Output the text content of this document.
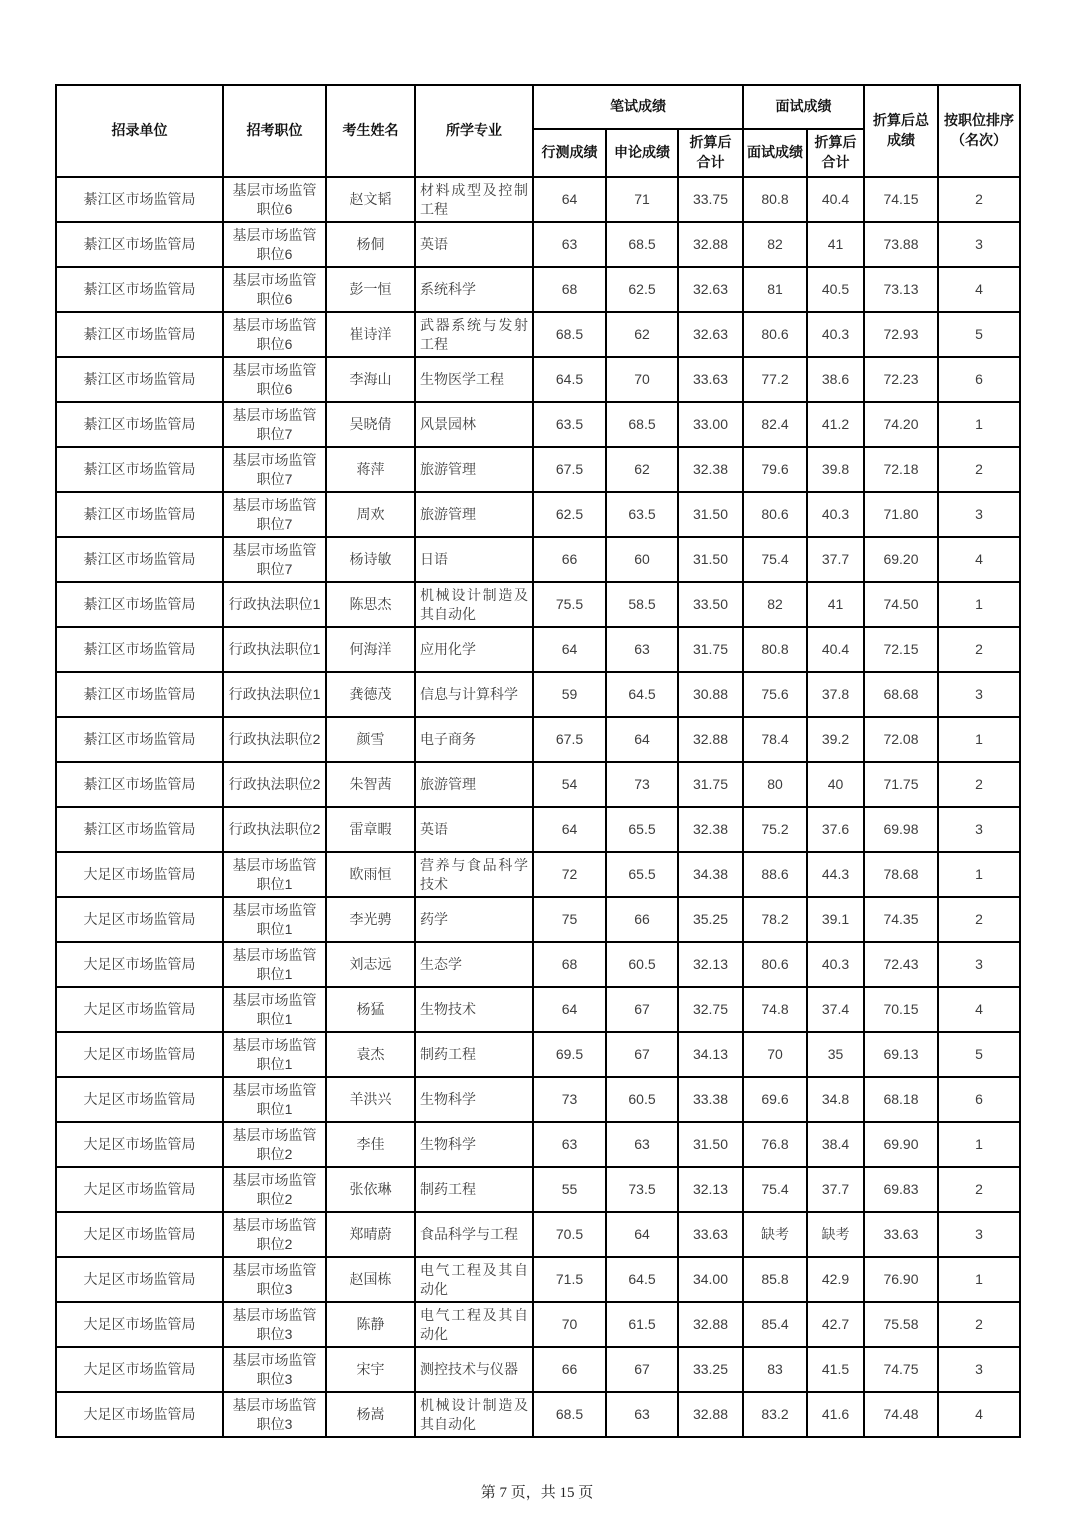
招录单位	招考职位	考生姓名	所学专业	笔试成绩			面试成绩		折算后总成绩	按职位排序（名次）
				行测成绩	申论成绩	折算后合计	面试成绩	折算后合计		
綦江区市场监管局	基层市场监管职位6	赵文韬	材料成型及控制工程	64	71	33.75	80.8	40.4	74.15	2
綦江区市场监管局	基层市场监管职位6	杨侗	英语	63	68.5	32.88	82	41	73.88	3
綦江区市场监管局	基层市场监管职位6	彭一恒	系统科学	68	62.5	32.63	81	40.5	73.13	4
綦江区市场监管局	基层市场监管职位6	崔诗洋	武器系统与发射工程	68.5	62	32.63	80.6	40.3	72.93	5
綦江区市场监管局	基层市场监管职位6	李海山	生物医学工程	64.5	70	33.63	77.2	38.6	72.23	6
綦江区市场监管局	基层市场监管职位7	吴晓倩	风景园林	63.5	68.5	33.00	82.4	41.2	74.20	1
綦江区市场监管局	基层市场监管职位7	蒋萍	旅游管理	67.5	62	32.38	79.6	39.8	72.18	2
綦江区市场监管局	基层市场监管职位7	周欢	旅游管理	62.5	63.5	31.50	80.6	40.3	71.80	3
綦江区市场监管局	基层市场监管职位7	杨诗敏	日语	66	60	31.50	75.4	37.7	69.20	4
綦江区市场监管局	行政执法职位1	陈思杰	机械设计制造及其自动化	75.5	58.5	33.50	82	41	74.50	1
綦江区市场监管局	行政执法职位1	何海洋	应用化学	64	63	31.75	80.8	40.4	72.15	2
綦江区市场监管局	行政执法职位1	龚德茂	信息与计算科学	59	64.5	30.88	75.6	37.8	68.68	3
綦江区市场监管局	行政执法职位2	颜雪	电子商务	67.5	64	32.88	78.4	39.2	72.08	1
綦江区市场监管局	行政执法职位2	朱智茜	旅游管理	54	73	31.75	80	40	71.75	2
綦江区市场监管局	行政执法职位2	雷章暇	英语	64	65.5	32.38	75.2	37.6	69.98	3
大足区市场监管局	基层市场监管职位1	欧雨恒	营养与食品科学技术	72	65.5	34.38	88.6	44.3	78.68	1
大足区市场监管局	基层市场监管职位1	李光骋	药学	75	66	35.25	78.2	39.1	74.35	2
大足区市场监管局	基层市场监管职位1	刘志远	生态学	68	60.5	32.13	80.6	40.3	72.43	3
大足区市场监管局	基层市场监管职位1	杨猛	生物技术	64	67	32.75	74.8	37.4	70.15	4
大足区市场监管局	基层市场监管职位1	袁杰	制药工程	69.5	67	34.13	70	35	69.13	5
大足区市场监管局	基层市场监管职位1	羊洪兴	生物科学	73	60.5	33.38	69.6	34.8	68.18	6
大足区市场监管局	基层市场监管职位2	李佳	生物科学	63	63	31.50	76.8	38.4	69.90	1
大足区市场监管局	基层市场监管职位2	张依琳	制药工程	55	73.5	32.13	75.4	37.7	69.83	2
大足区市场监管局	基层市场监管职位2	郑晴蔚	食品科学与工程	70.5	64	33.63	缺考	缺考	33.63	3
大足区市场监管局	基层市场监管职位3	赵国栋	电气工程及其自动化	71.5	64.5	34.00	85.8	42.9	76.90	1
大足区市场监管局	基层市场监管职位3	陈静	电气工程及其自动化	70	61.5	32.88	85.4	42.7	75.58	2
大足区市场监管局	基层市场监管职位3	宋宇	测控技术与仪器	66	67	33.25	83	41.5	74.75	3
大足区市场监管局	基层市场监管职位3	杨嵩	机械设计制造及其自动化	68.5	63	32.88	83.2	41.6	74.48	4
第 7 页，共 15 页
